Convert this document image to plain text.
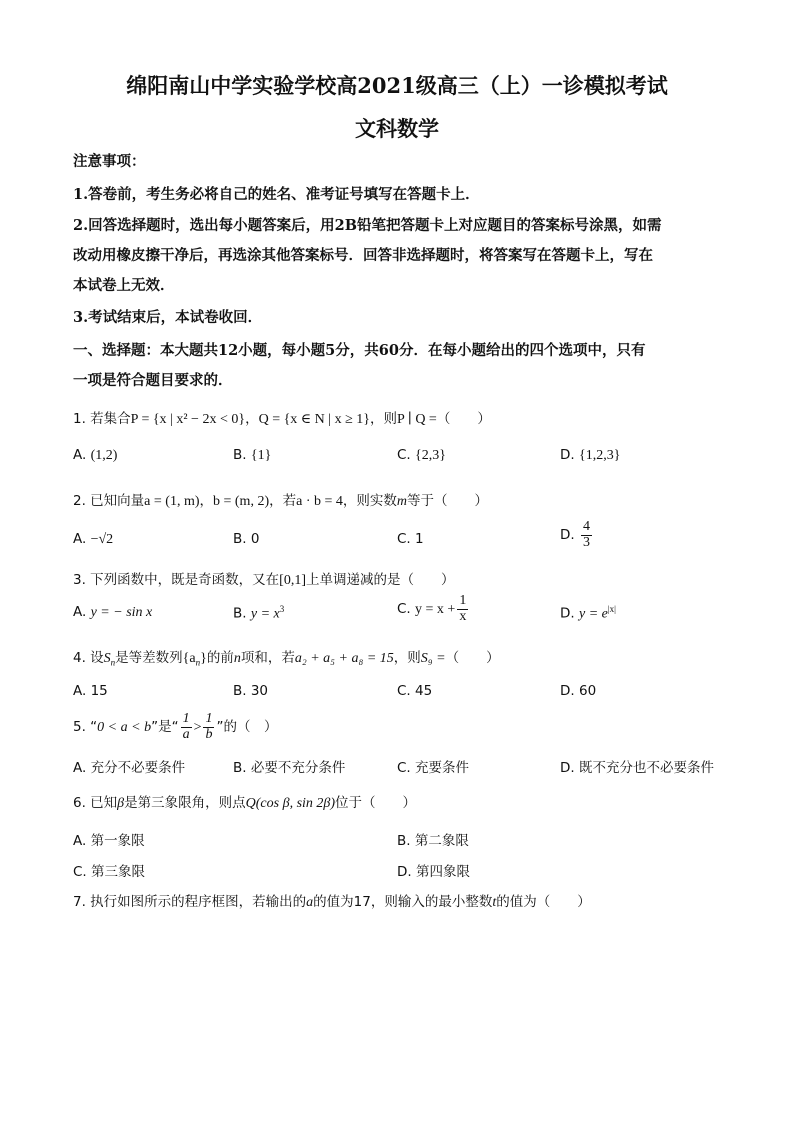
绵阳南山中学实验学校高2021级高三（上）一诊模拟考试
文科数学
注意事项：
1.答卷前，考生务必将自己的姓名、准考证号填写在答题卡上．
2.回答选择题时，选出每小题答案后，用2B铅笔把答题卡上对应题目的答案标号涂黑，如需
改动用橡皮擦干净后，再选涂其他答案标号．回答非选择题时，将答案写在答题卡上，写在
本试卷上无效．
3.考试结束后，本试卷收回．
一、选择题：本大题共12小题，每小题5分，共60分．在每小题给出的四个选项中，只有
一项是符合题目要求的．
1. 若集合P = {x | x² − 2x < 0}，Q = {x ∈ N | x ≥ 1}，则P ∣ Q =（　　）
A. (1,2)	B. {1}	C. {2,3}	D. {1,2,3}
2. 已知向量a = (1, m)，b = (m, 2)，若a · b = 4，则实数m等于（　　）
A. −√2	B. 0	C. 1	D. $\frac{4}{3}$
3. 下列函数中，既是奇函数，又在[0,1]上单调递减的是（　　）
A. y = − sin x	B. $y = x^3$	C. $y = x + \frac{1}{x}$	D. $y = e^{|x|}$
4. 设$S_n$是等差数列$\{a_n\}$的前n项和，若a₂ + a₅ + a₈ = 15，则S₉ =（　　）
A. 15	B. 30	C. 45	D. 60
5. “0 < a < b”是“ $\frac{1}{a} > \frac{1}{b}$ ”的（　）
A. 充分不必要条件	B. 必要不充分条件	C. 充要条件	D. 既不充分也不必要条件
6. 已知β是第三象限角，则点Q(cos β, sin 2β)位于（　　）
A. 第一象限	B. 第二象限
C. 第三象限	D. 第四象限
7. 执行如图所示的程序框图，若输出的a的值为17，则输入的最小整数t的值为（　　）
